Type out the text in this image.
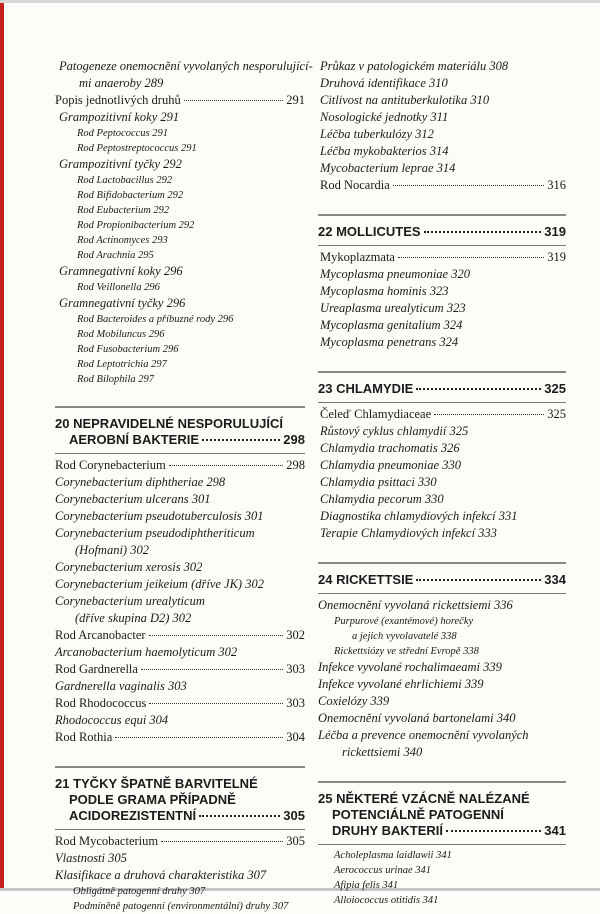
Patogeneze onemocnění vyvolaných nesporulující-
mi anaeroby 289
Popis jednotlivých druhů	291
Grampozitivní koky 291
Rod Peptococcus 291
Rod Peptostreptococcus 291
Grampozitivní tyčky 292
Rod Lactobacillus 292
Rod Bifidobacterium 292
Rod Eubacterium 292
Rod Propionibacterium 292
Rod Actinomyces 293
Rod Arachnia 295
Gramnegativní koky 296
Rod Veillonella 296
Gramnegativní tyčky 296
Rod Bacteroides a příbuzné rody 296
Rod Mobiluncus 296
Rod Fusobacterium 296
Rod Leptotrichia 297
Rod Bilophila 297
20 NEPRAVIDELNÉ NESPORULUJÍCÍ
AEROBNÍ BAKTERIE	298
Rod Corynebacterium	298
Corynebacterium diphtheriae 298
Corynebacterium ulcerans 301
Corynebacterium pseudotuberculosis 301
Corynebacterium pseudodiphtheriticum
(Hofmani) 302
Corynebacterium xerosis 302
Corynebacterium jeikeium (dříve JK) 302
Corynebacterium urealyticum
(dříve skupina D2) 302
Rod Arcanobacter	302
Arcanobacterium haemolyticum 302
Rod Gardnerella	303
Gardnerella vaginalis 303
Rod Rhodococcus	303
Rhodococcus equi 304
Rod Rothia	304
21 TYČKY ŠPATNĚ BARVITELNÉ
PODLE GRAMA PŘÍPADNĚ
ACIDOREZISTENTNÍ	305
Rod Mycobacterium	305
Vlastnosti 305
Klasifikace a druhová charakteristika 307
Obligátně patogenní druhy 307
Podmíněně patogenní (environmentální) druhy 307
Průkaz v patologickém materiálu 308
Druhová identifikace 310
Citlivost na antituberkulotika 310
Nosologické jednotky 311
Léčba tuberkulózy 312
Léčba mykobakterios 314
Mycobacterium leprae 314
Rod Nocardia	316
22 MOLLICUTES	319
Mykoplazmata	319
Mycoplasma pneumoniae 320
Mycoplasma hominis 323
Ureaplasma urealyticum 323
Mycoplasma genitalium 324
Mycoplasma penetrans 324
23 CHLAMYDIE	325
Čeleď Chlamydiaceae	325
Růstový cyklus chlamydií 325
Chlamydia trachomatis 326
Chlamydia pneumoniae 330
Chlamydia psittaci 330
Chlamydia pecorum 330
Diagnostika chlamydiových infekcí 331
Terapie Chlamydiových infekcí 333
24 RICKETTSIE	334
Onemocnění vyvolaná rickettsiemi 336
Purpurové (exantémové) horečky
a jejich vyvolavatelé 338
Rickettsiózy ve střední Evropě 338
Infekce vyvolané rochalimaeami 339
Infekce vyvolané ehrlichiemi 339
Coxielózy 339
Onemocnění vyvolaná bartonelami 340
Léčba a prevence onemocnění vyvolaných
rickettsiemi 340
25 NĚKTERÉ VZÁCNĚ NALÉZANÉ
POTENCIÁLNĚ PATOGENNÍ
DRUHY BAKTERIÍ	341
Acholeplasma laidlawii 341
Aerococcus urinae 341
Afipia felis 341
Alloiococcus otitidis 341
